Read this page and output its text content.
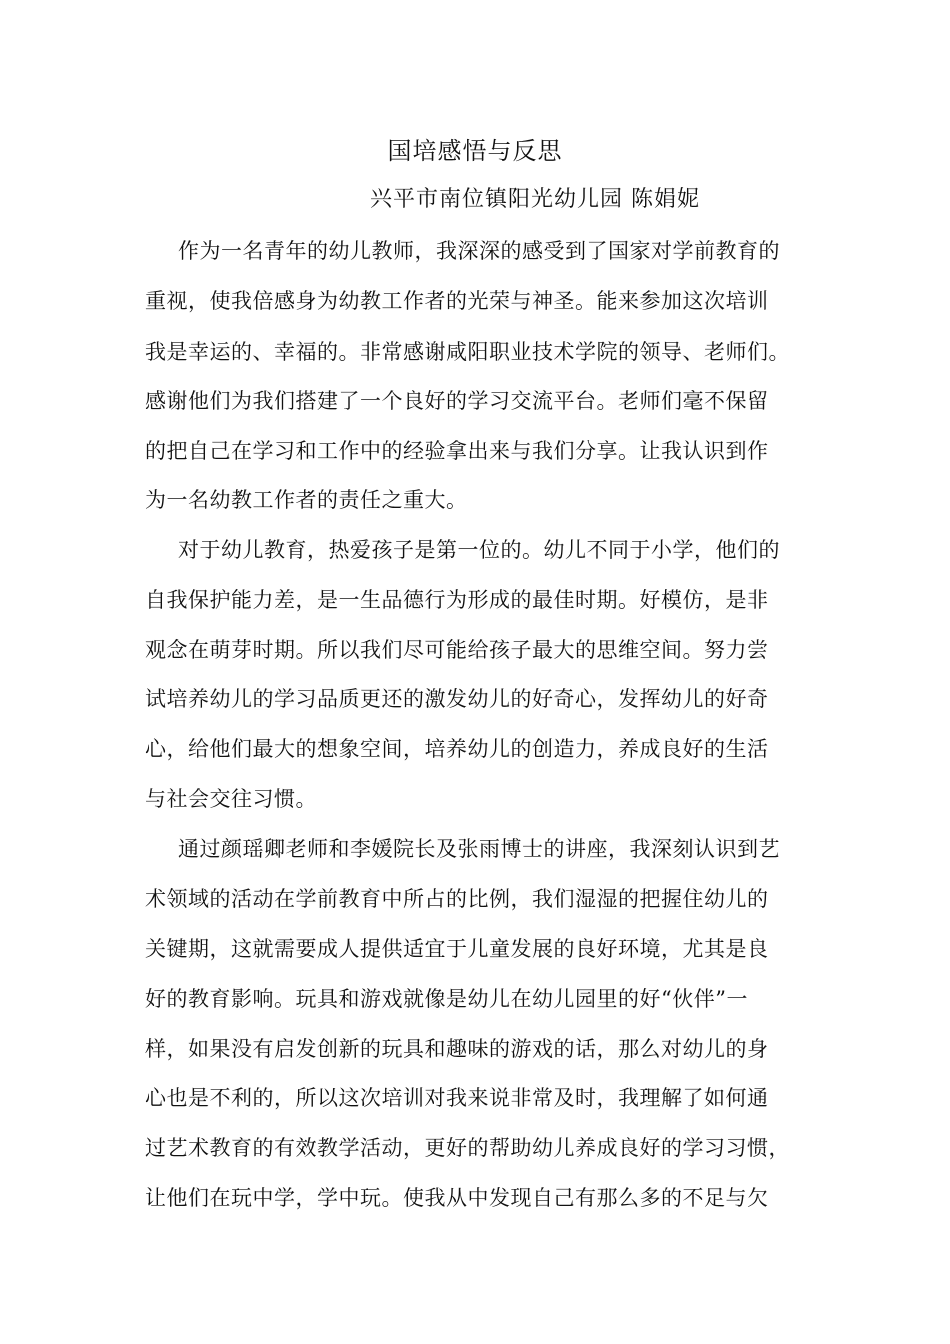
国培感悟与反思

兴平市南位镇阳光幼儿园 陈娟妮

作为一名青年的幼儿教师，我深深的感受到了国家对学前教育的

重视，使我倍感身为幼教工作者的光荣与神圣。能来参加这次培训

我是幸运的、幸福的。非常感谢咸阳职业技术学院的领导、老师们。

感谢他们为我们搭建了一个良好的学习交流平台。老师们毫不保留

的把自己在学习和工作中的经验拿出来与我们分享。让我认识到作

为一名幼教工作者的责任之重大。

对于幼儿教育，热爱孩子是第一位的。幼儿不同于小学，他们的

自我保护能力差，是一生品德行为形成的最佳时期。好模仿，是非

观念在萌芽时期。所以我们尽可能给孩子最大的思维空间。努力尝

试培养幼儿的学习品质更还的激发幼儿的好奇心，发挥幼儿的好奇

心，给他们最大的想象空间，培养幼儿的创造力，养成良好的生活

与社会交往习惯。

通过颜瑶卿老师和李媛院长及张雨博士的讲座，我深刻认识到艺

术领域的活动在学前教育中所占的比例，我们湿湿的把握住幼儿的

关键期，这就需要成人提供适宜于儿童发展的良好环境，尤其是良

好的教育影响。玩具和游戏就像是幼儿在幼儿园里的好“伙伴”一

样，如果没有启发创新的玩具和趣味的游戏的话，那么对幼儿的身

心也是不利的，所以这次培训对我来说非常及时，我理解了如何通

过艺术教育的有效教学活动，更好的帮助幼儿养成良好的学习习惯，

让他们在玩中学，学中玩。使我从中发现自己有那么多的不足与欠
